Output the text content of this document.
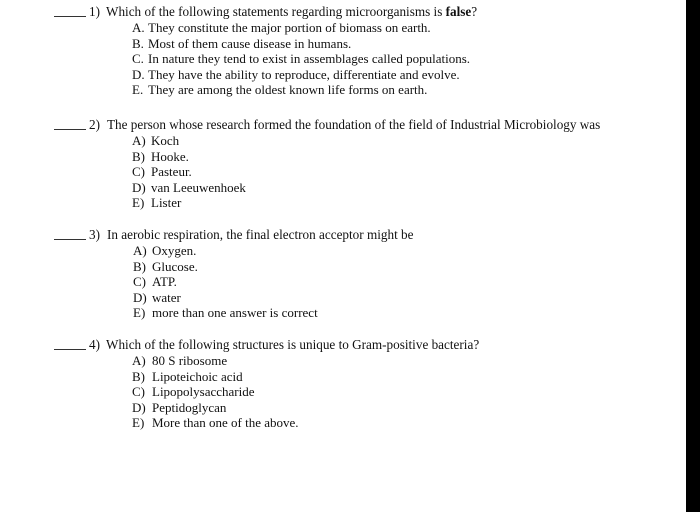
1) Which of the following statements regarding microorganisms is false?
A. They constitute the major portion of biomass on earth.
B. Most of them cause disease in humans.
C. In nature they tend to exist in assemblages called populations.
D. They have the ability to reproduce, differentiate and evolve.
E. They are among the oldest known life forms on earth.
2) The person whose research formed the foundation of the field of Industrial Microbiology was
A) Koch
B) Hooke.
C) Pasteur.
D) van Leeuwenhoek
E) Lister
3) In aerobic respiration, the final electron acceptor might be
A) Oxygen.
B) Glucose.
C) ATP.
D) water
E) more than one answer is correct
4) Which of the following structures is unique to Gram-positive bacteria?
A) 80 S ribosome
B) Lipoteichoic acid
C) Lipopolysaccharide
D) Peptidoglycan
E) More than one of the above.
